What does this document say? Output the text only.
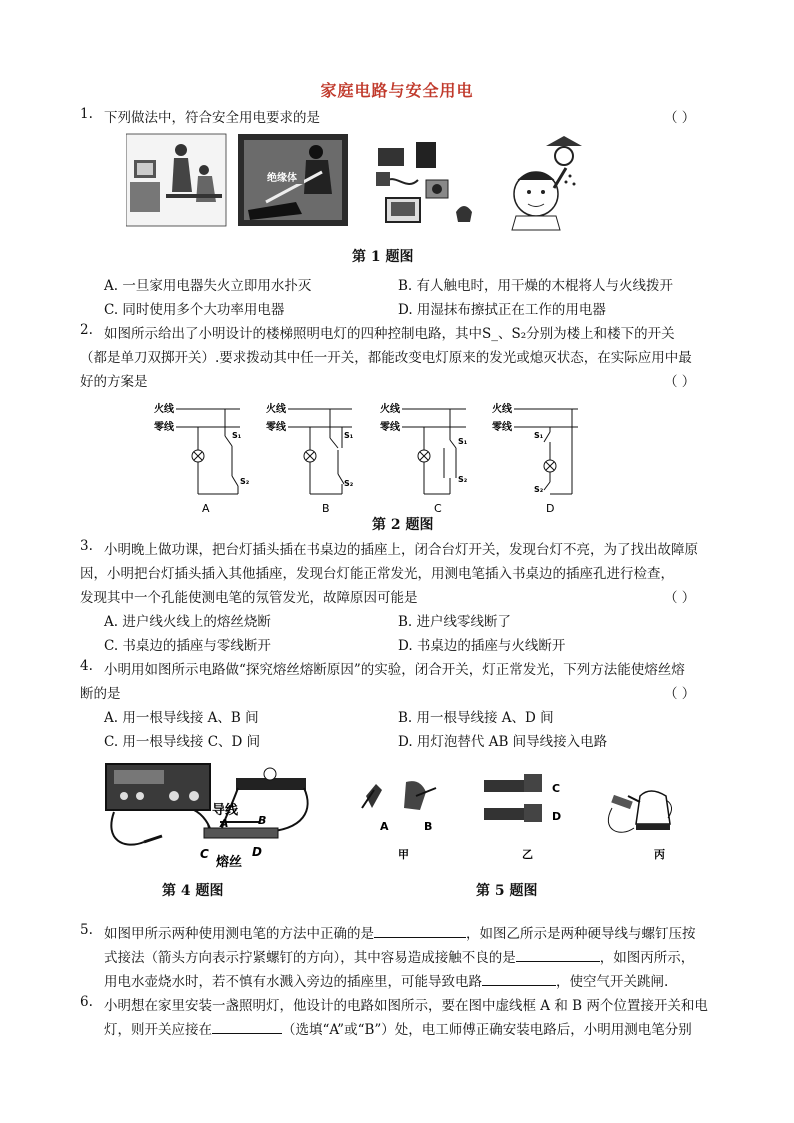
家庭电路与安全用电
1. 下列做法中，符合安全用电要求的是	（ ）
绝缘体
第 1 题图
A. 一旦家用电器失火立即用水扑灭	B. 有人触电时，用干燥的木棍将人与火线拨开
C. 同时使用多个大功率用电器	D. 用湿抹布擦拭正在工作的用电器
2. 如图所示给出了小明设计的楼梯照明电灯的四种控制电路，其中S_、S₂分别为楼上和楼下的开关
（都是单刀双掷开关）.要求拨动其中任一开关，都能改变电灯原来的发光或熄灭状态，在实际应用中最
好的方案是	（ ）
火线
零线
S₁
S₂
A
火线
零线
S₁
S₂
B
火线
零线
S₁
S₂
C
火线
零线
S₁
S₂
D
第 2 题图
3. 小明晚上做功课，把台灯插头插在书桌边的插座上，闭合台灯开关，发现台灯不亮，为了找出故障原
因，小明把台灯插头插入其他插座，发现台灯能正常发光，用测电笔插入书桌边的插座孔进行检查，
发现其中一个孔能使测电笔的氖管发光，故障原因可能是	（ ）
A. 进户线火线上的熔丝烧断	B. 进户线零线断了
C. 书桌边的插座与零线断开	D. 书桌边的插座与火线断开
4. 小明用如图所示电路做“探究熔丝熔断原因”的实验，闭合开关，灯正常发光，下列方法能使熔丝熔
断的是	（ ）
A. 用一根导线接 A、B 间	B. 用一根导线接 A、D 间
C. 用一根导线接 C、D 间	D. 用灯泡替代 AB 间导线接入电路
导线
A	B
C	D
熔丝
A	B
甲
C
D
乙	丙
第 4 题图	第 5 题图
5. 如图甲所示两种使用测电笔的方法中正确的是	，如图乙所示是两种硬导线与螺钉压按
式接法（箭头方向表示拧紧螺钉的方向），其中容易造成接触不良的是	，如图丙所示，
用电水壶烧水时，若不慎有水溅入旁边的插座里，可能导致电路	，使空气开关跳闸.
6. 小明想在家里安装一盏照明灯，他设计的电路如图所示，要在图中虚线框 A 和 B 两个位置接开关和电
灯，则开关应接在	（选填“A”或“B”）处，电工师傅正确安装电路后，小明用测电笔分别
